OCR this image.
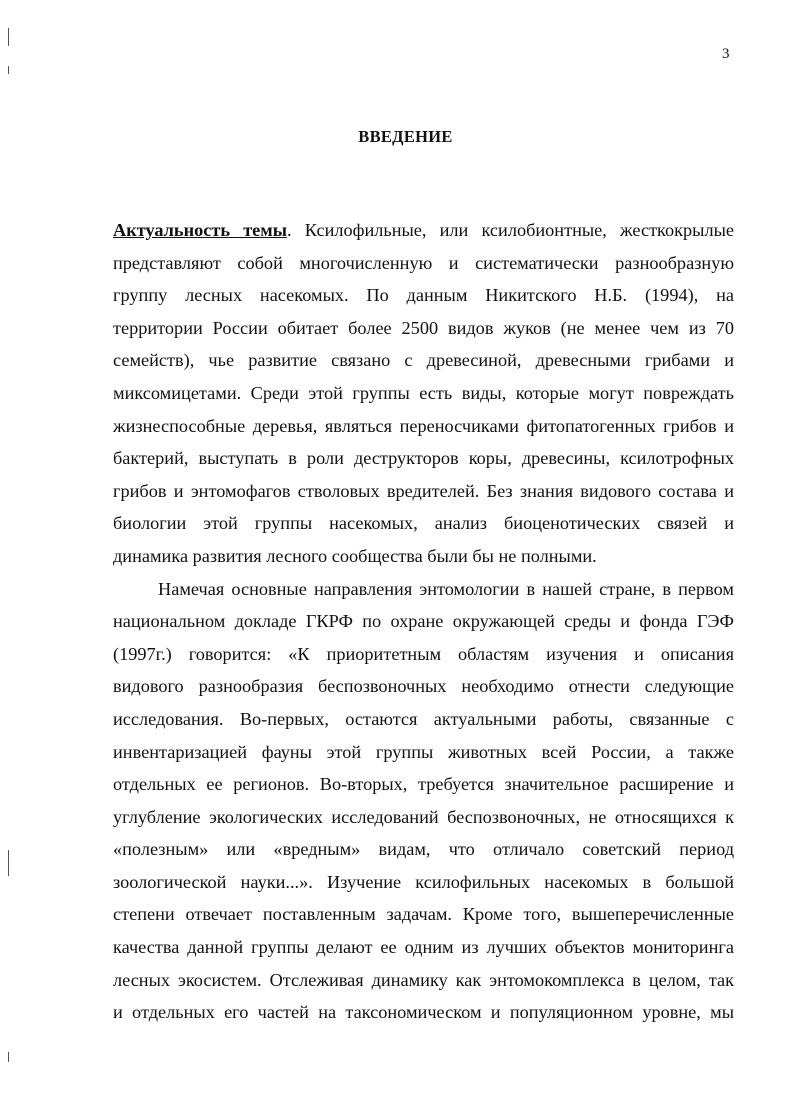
3
ВВЕДЕНИЕ

Актуальность темы. Ксилофильные, или ксилобионтные, жесткокрылые
представляют собой многочисленную и систематически разнообразную
группу лесных насекомых. По данным Никитского Н.Б. (1994), на
территории России обитает более 2500 видов жуков (не менее чем из 70
семейств), чье развитие связано с древесиной, древесными грибами и
миксомицетами. Среди этой группы есть виды, которые могут повреждать
жизнеспособные деревья, являться переносчиками фитопатогенных грибов и
бактерий, выступать в роли деструкторов коры, древесины, ксилотрофных
грибов и энтомофагов стволовых вредителей. Без знания видового состава и
биологии этой группы насекомых, анализ биоценотических связей и
динамика развития лесного сообщества были бы не полными.

Намечая основные направления энтомологии в нашей стране, в первом
национальном докладе ГКРФ по охране окружающей среды и фонда ГЭФ
(1997г.) говорится: «К приоритетным областям изучения и описания
видового разнообразия беспозвоночных необходимо отнести следующие
исследования. Во-первых, остаются актуальными работы, связанные с
инвентаризацией фауны этой группы животных всей России, а также
отдельных ее регионов. Во-вторых, требуется значительное расширение и
углубление экологических исследований беспозвоночных, не относящихся к
«полезным» или «вредным» видам, что отличало советский период
зоологической науки...». Изучение ксилофильных насекомых в большой
степени отвечает поставленным задачам. Кроме того, вышеперечисленные
качества данной группы делают ее одним из лучших объектов мониторинга
лесных экосистем. Отслеживая динамику как энтомокомплекса в целом, так
и отдельных его частей на таксономическом и популяционном уровне, мы
